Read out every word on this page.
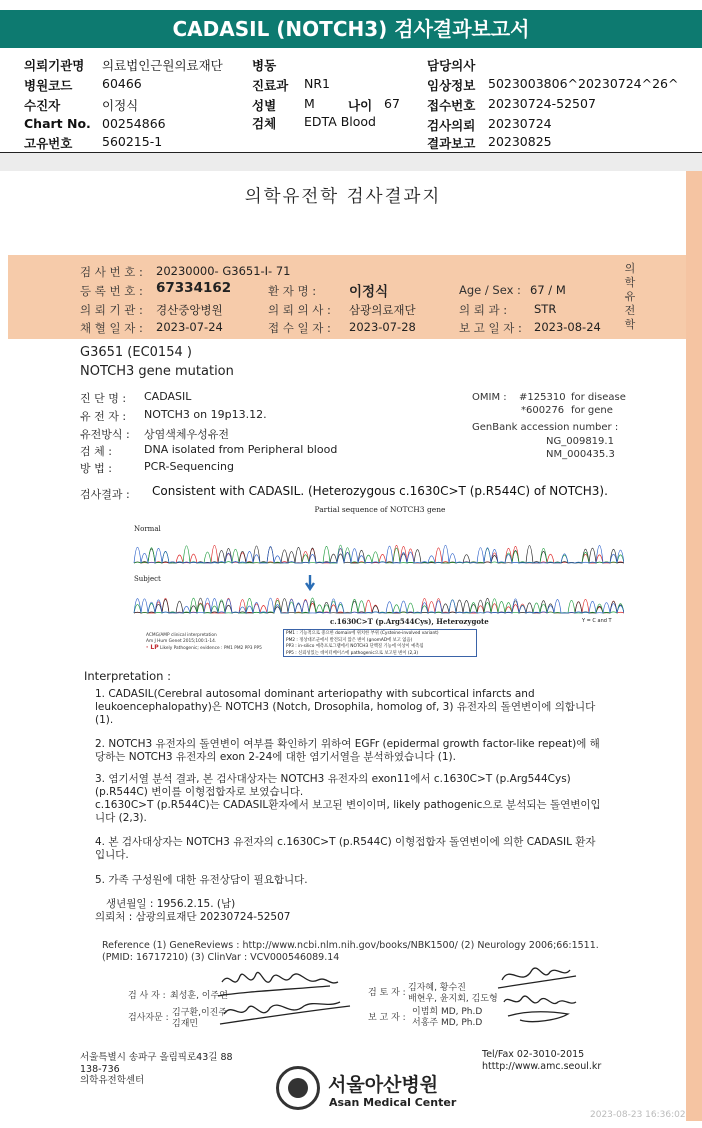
CADASIL (NOTCH3) 검사결과보고서
의뢰기관명 의료법인근원의료재단
병원코드 60466
수진자	이정식
Chart No. 00254866
고유번호 560215-1
병동
진료과 NR1
성별 M	나이 67
검체 EDTA Blood
담당의사
임상정보 5023003806^20230724^26^
접수번호 20230724-52507
검사의뢰 20230724
결과보고 20230825
의학유전학 검사결과지
검 사 번 호 : 20230000- G3651-I- 71
등 록 번 호 : 67334162	환 자 명 : 이정식	Age / Sex : 67 / M
의 뢰 기 관 : 경산중앙병원	의 뢰 의 사 : 삼광의료재단	의 뢰 과 : STR
채 혈 일 자 : 2023-07-24	접 수 일 자 : 2023-07-28	보 고 일 자 : 2023-08-24
의
학
유
전
학
G3651 (EC0154 )
NOTCH3 gene mutation
진 단 명 : CADASIL
유 전 자 : NOTCH3 on 19p13.12.
유전방식 : 상염색체우성유전
검 체 :	DNA isolated from Peripheral blood
방 법 :	PCR-Sequencing
OMIM : #125310 for disease
*600276 for gene
GenBank accession number :
NG_009819.1
NM_000435.3
검사결과 : Consistent with CADASIL. (Heterozygous c.1630C>T (p.R544C) of NOTCH3).
Partial sequence of NOTCH3 gene
Normal
Subject
c.1630C>T (p.Arg544Cys), Heterozygote	Y = C and T
ACMG/AMP clinical interpretation
Am J Hum Genet 2015;100:1-14.
· LP Likely Pathogenic; evidence : PM1 PM2 PP3 PP5
PM1 : 기능적으로 중요한 domain에 위치한 부위 (Cysteine-involved variant)
PM2 : 정상대조군에서 발견되지 않은 변이 (gnomAD에 보고 없음)
PP3 : in-silico 예측프로그램에서 NOTCH3 단백질 기능에 이상이 예측됨
PP5 : 신뢰성있는 데이터베이스에 pathogenic으로 보고된 변이 (2,3)
Interpretation :
1. CADASIL(Cerebral autosomal dominant arteriopathy with subcortical infarcts and
leukoencephalopathy)은 NOTCH3 (Notch, Drosophila, homolog of, 3) 유전자의 돌연변이에 의합니다
(1).
2. NOTCH3 유전자의 돌연변이 여부를 확인하기 위하여 EGFr (epidermal growth factor-like repeat)에 해
당하는 NOTCH3 유전자의 exon 2-24에 대한 염기서열을 분석하였습니다 (1).
3. 염기서열 분석 결과, 본 검사대상자는 NOTCH3 유전자의 exon11에서 c.1630C>T (p.Arg544Cys)
(p.R544C) 변이를 이형접합자로 보였습니다.
c.1630C>T (p.R544C)는 CADASIL환자에서 보고된 변이이며, likely pathogenic으로 분석되는 돌연변이입
니다 (2,3).
4. 본 검사대상자는 NOTCH3 유전자의 c.1630C>T (p.R544C) 이형접합자 돌연변이에 의한 CADASIL 환자
입니다.
5. 가족 구성원에 대한 유전상담이 필요합니다.
생년월일 : 1956.2.15. (남)
의뢰처 : 삼광의료재단 20230724-52507
Reference (1) GeneReviews : http://www.ncbi.nlm.nih.gov/books/NBK1500/ (2) Neurology 2006;66:1511.
(PMID: 16717210) (3) ClinVar : VCV000546089.14
검 사 자 : 최성훈, 이주연
검사자문 : 김구환,이진주
김재민
검 토 자 : 김자혜, 황수진
배현우, 윤지회, 김도형
보 고 자 :
이범희 MD, Ph.D
서홍주 MD, Ph.D
서울특별시 송파구 올림픽로43길 88
138-736
의학유전학센터
Tel/Fax 02-3010-2015
htttp://www.amc.seoul.kr
서울아산병원
Asan Medical Center
2023-08-23 16:36:02
